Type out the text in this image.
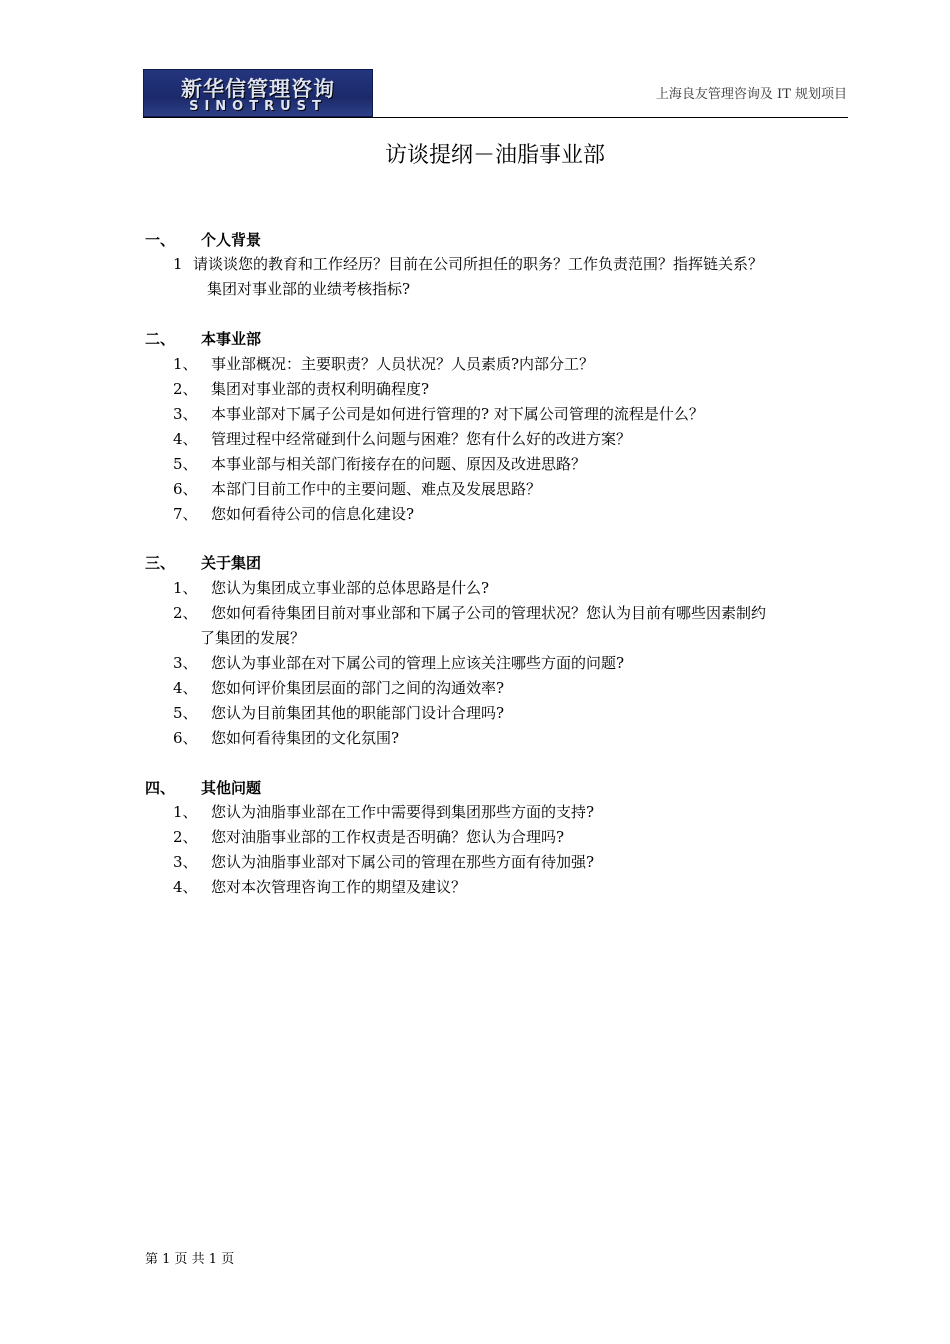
新华信管理咨询
SINOTRUST
上海良友管理咨询及 IT 规划项目
访谈提纲－油脂事业部
一、 个人背景
1 请谈谈您的教育和工作经历？目前在公司所担任的职务？工作负责范围？指挥链关系？
集团对事业部的业绩考核指标?
二、 本事业部
1、 事业部概况：主要职责？人员状况？人员素质?内部分工？
2、 集团对事业部的责权利明确程度?
3、 本事业部对下属子公司是如何进行管理的? 对下属公司管理的流程是什么？
4、 管理过程中经常碰到什么问题与困难？您有什么好的改进方案？
5、 本事业部与相关部门衔接存在的问题、原因及改进思路？
6、 本部门目前工作中的主要问题、难点及发展思路？
7、 您如何看待公司的信息化建设?
三、 关于集团
1、 您认为集团成立事业部的总体思路是什么?
2、 您如何看待集团目前对事业部和下属子公司的管理状况？您认为目前有哪些因素制约
了集团的发展？
3、 您认为事业部在对下属公司的管理上应该关注哪些方面的问题?
4、 您如何评价集团层面的部门之间的沟通效率?
5、 您认为目前集团其他的职能部门设计合理吗?
6、 您如何看待集团的文化氛围?
四、 其他问题
1、 您认为油脂事业部在工作中需要得到集团那些方面的支持?
2、 您对油脂事业部的工作权责是否明确？您认为合理吗?
3、 您认为油脂事业部对下属公司的管理在那些方面有待加强?
4、 您对本次管理咨询工作的期望及建议？
第 1 页 共 1 页
